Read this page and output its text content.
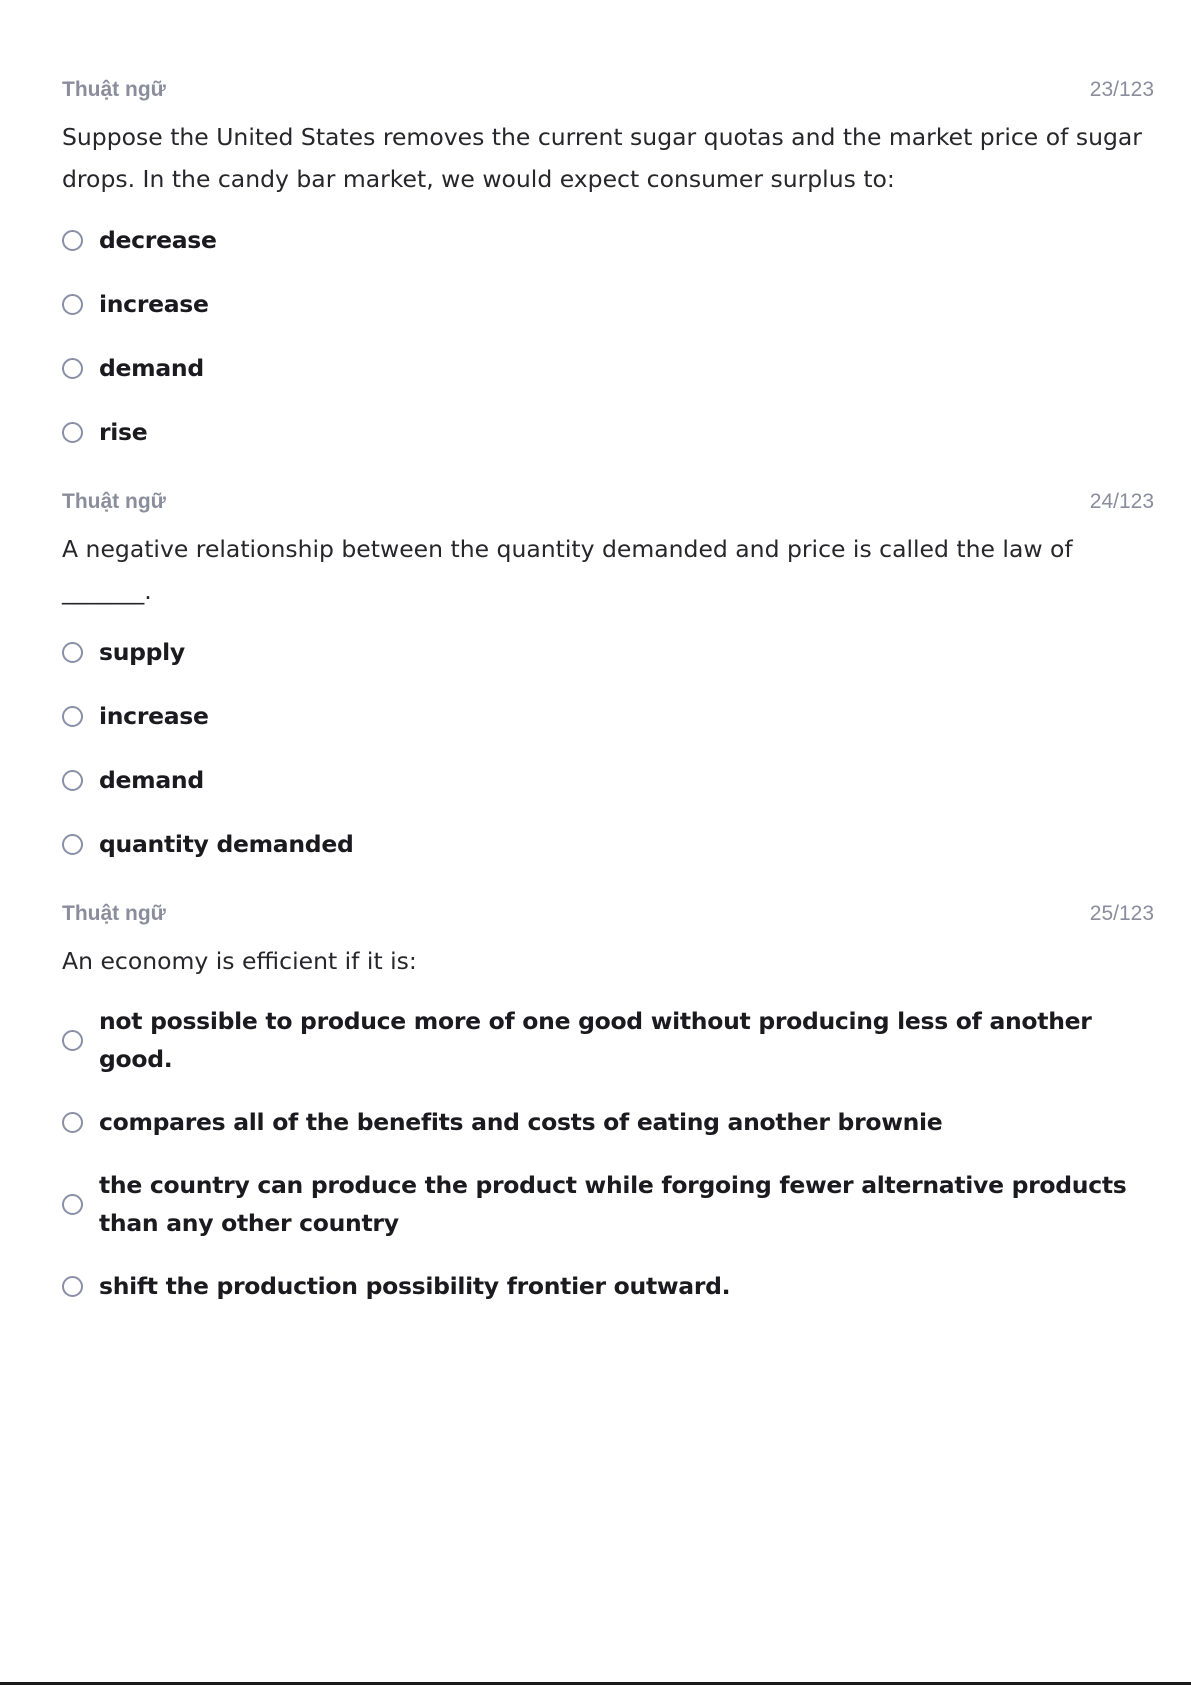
Thuật ngữ	23/123
Suppose the United States removes the current sugar quotas and the market price of sugar drops. In the candy bar market, we would expect consumer surplus to:
decrease
increase
demand
rise
Thuật ngữ	24/123
A negative relationship between the quantity demanded and price is called the law of _______.
supply
increase
demand
quantity demanded
Thuật ngữ	25/123
An economy is efficient if it is:
not possible to produce more of one good without producing less of another good.
compares all of the benefits and costs of eating another brownie
the country can produce the product while forgoing fewer alternative products than any other country
shift the production possibility frontier outward.
